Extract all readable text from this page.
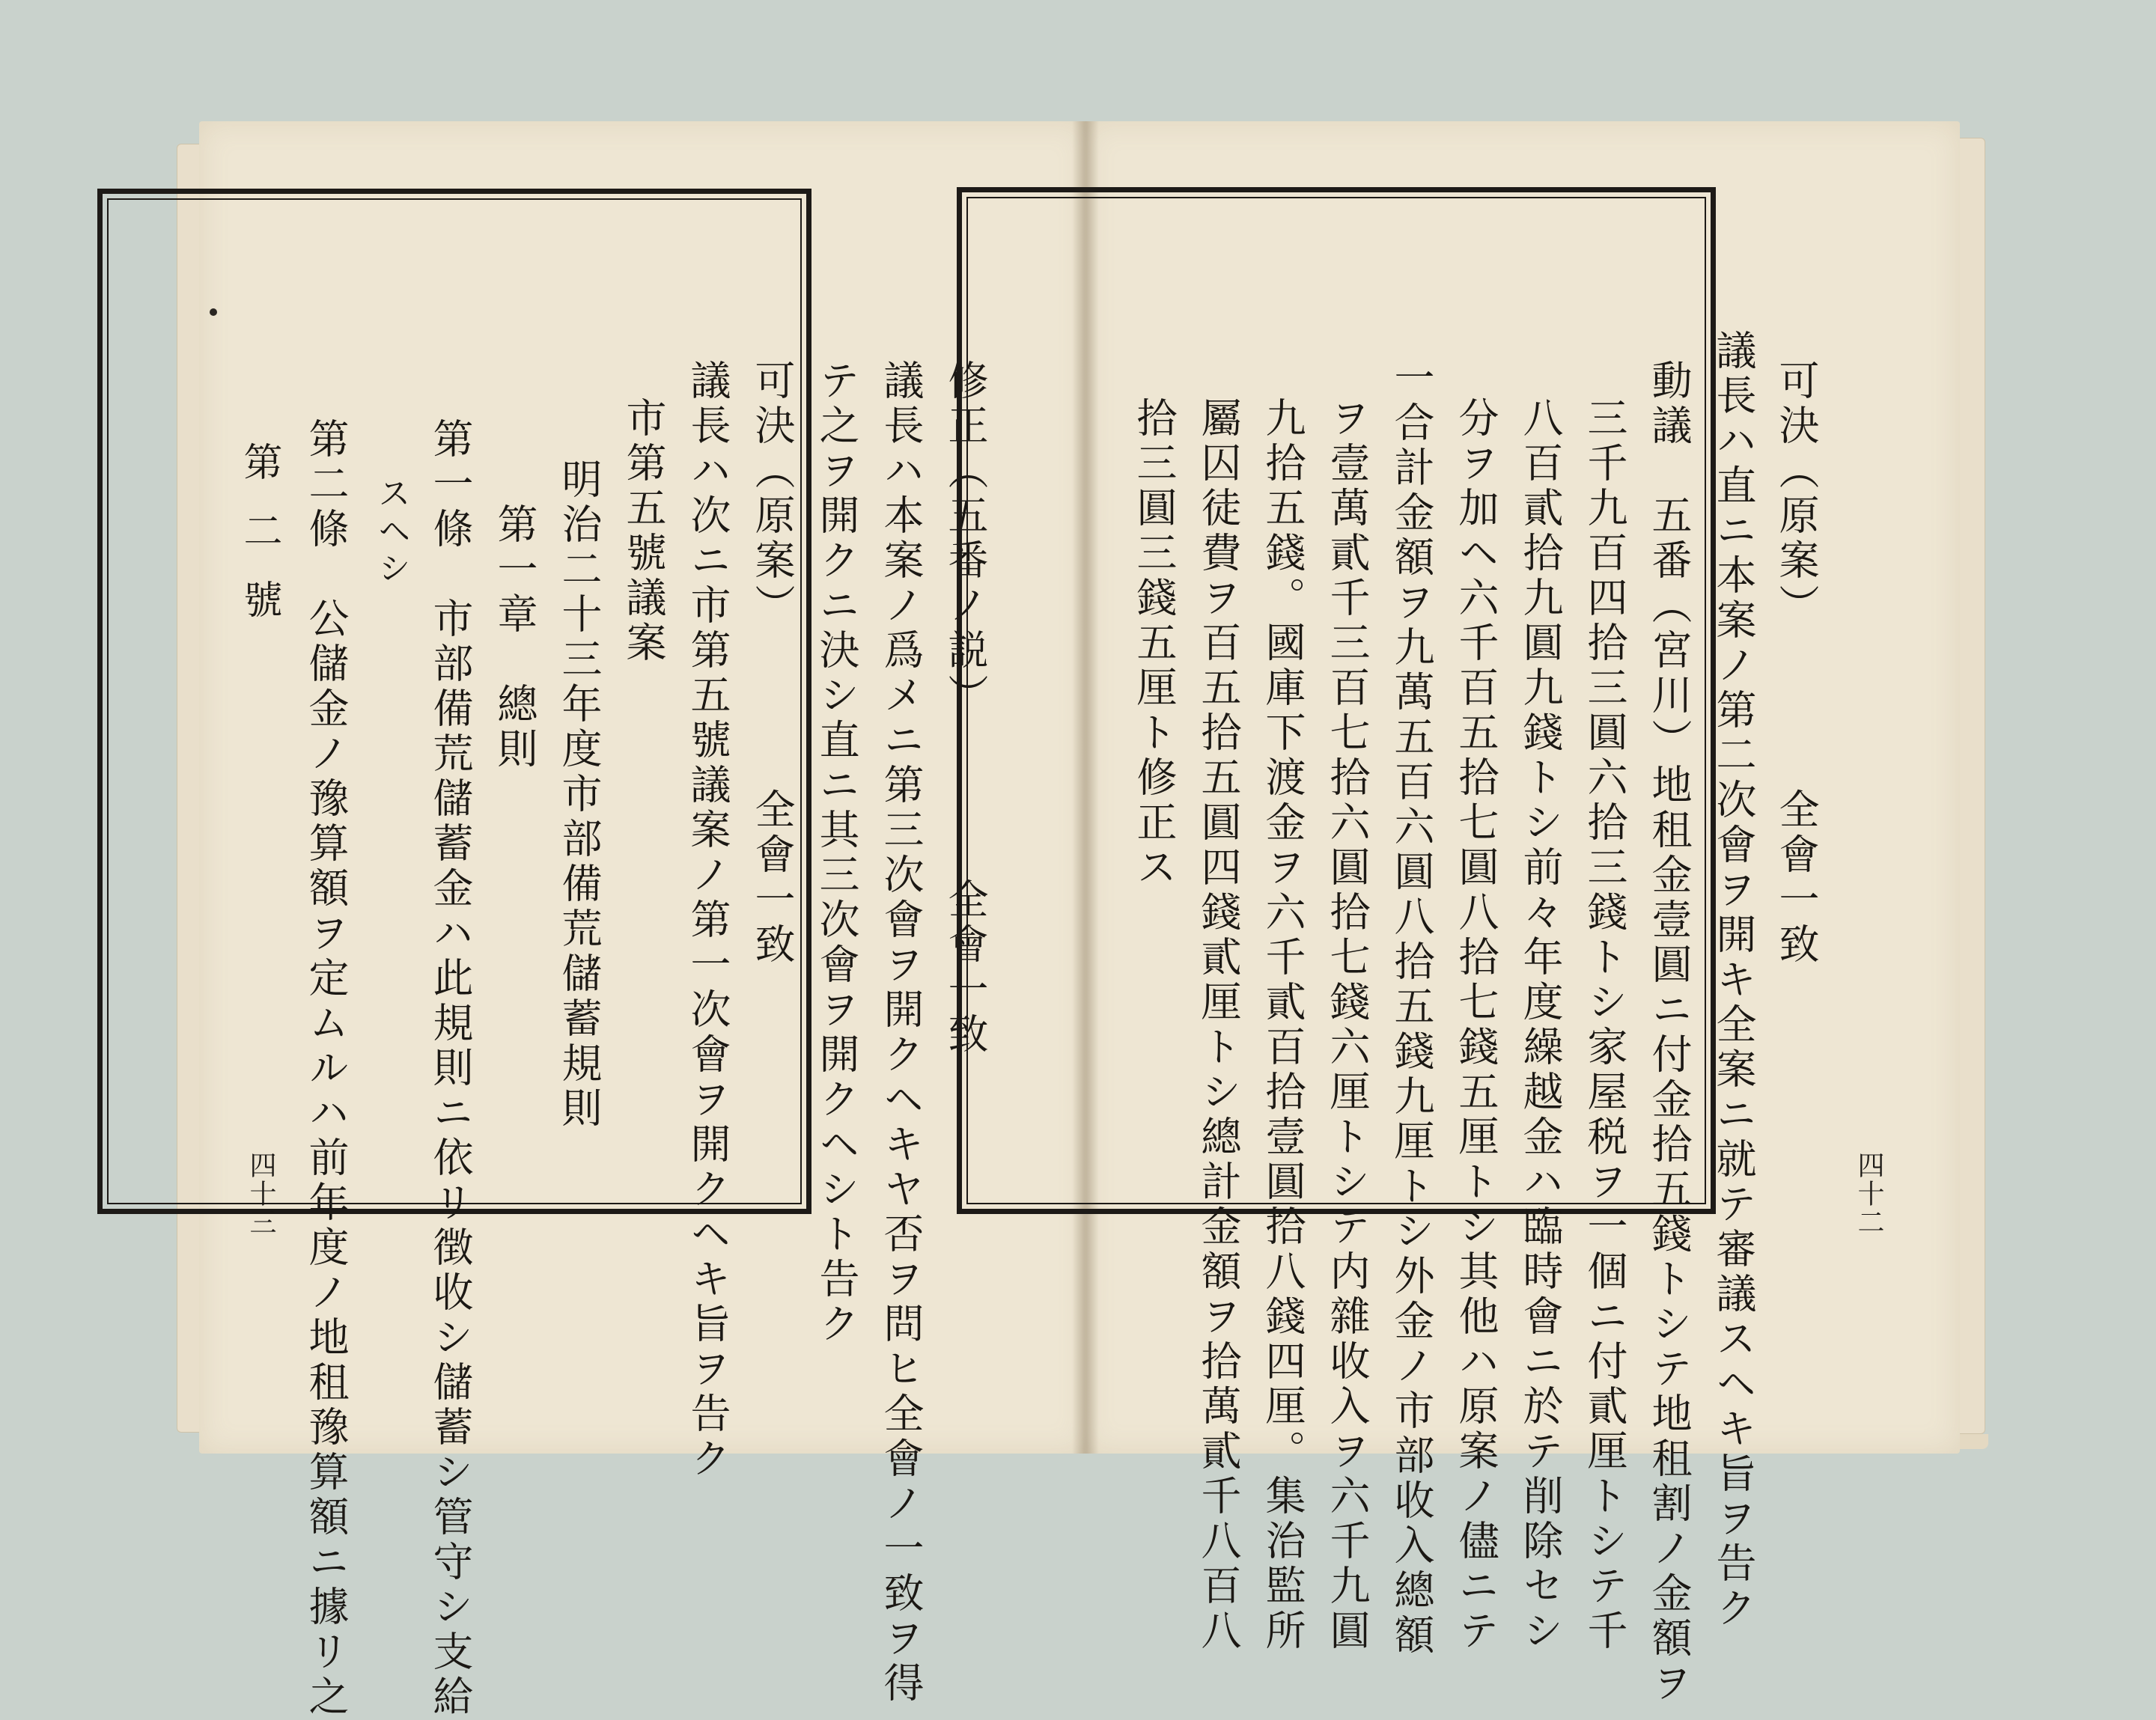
第二號
四十三
修正（五番ノ説）　　　　全會一致
議長ハ本案ノ爲メニ第三次會ヲ開クヘキヤ否ヲ問ヒ全會ノ一致ヲ得
テ之ヲ開クニ決シ直ニ其三次會ヲ開クヘシト告ク
可決（原案）　　　　全會一致
議長ハ次ニ市第五號議案ノ第一次會ヲ開クヘキ旨ヲ告ク
市第五號議案
明治二十三年度市部備荒儲蓄規則
第一章　總則
第一條　市部備荒儲蓄金ハ此規則ニ依リ徴收シ儲蓄シ管守シ支給
スヘシ
第二條　公儲金ノ豫算額ヲ定ムルハ前年度ノ地租豫算額ニ據リ之	四十二
可決（原案）　　　　全會一致
議長ハ直ニ本案ノ第二次會ヲ開キ全案ニ就テ審議スヘキ旨ヲ告ク
動議　五番（宮川）地租金壹圓ニ付金拾五錢トシテ地租割ノ金額ヲ
三千九百四拾三圓六拾三錢トシ家屋税ヲ一個ニ付貳厘トシテ千
八百貳拾九圓九錢トシ前々年度繰越金ハ臨時會ニ於テ削除セシ
分ヲ加ヘ六千百五拾七圓八拾七錢五厘トシ其他ハ原案ノ儘ニテ
一合計金額ヲ九萬五百六圓八拾五錢九厘トシ外金ノ市部收入總額
ヲ壹萬貳千三百七拾六圓拾七錢六厘トシテ内雜收入ヲ六千九圓
九拾五錢。國庫下渡金ヲ六千貳百拾壹圓拾八錢四厘。集治監所
屬囚徒費ヲ百五拾五圓四錢貳厘トシ總計金額ヲ拾萬貳千八百八
拾三圓三錢五厘ト修正ス
